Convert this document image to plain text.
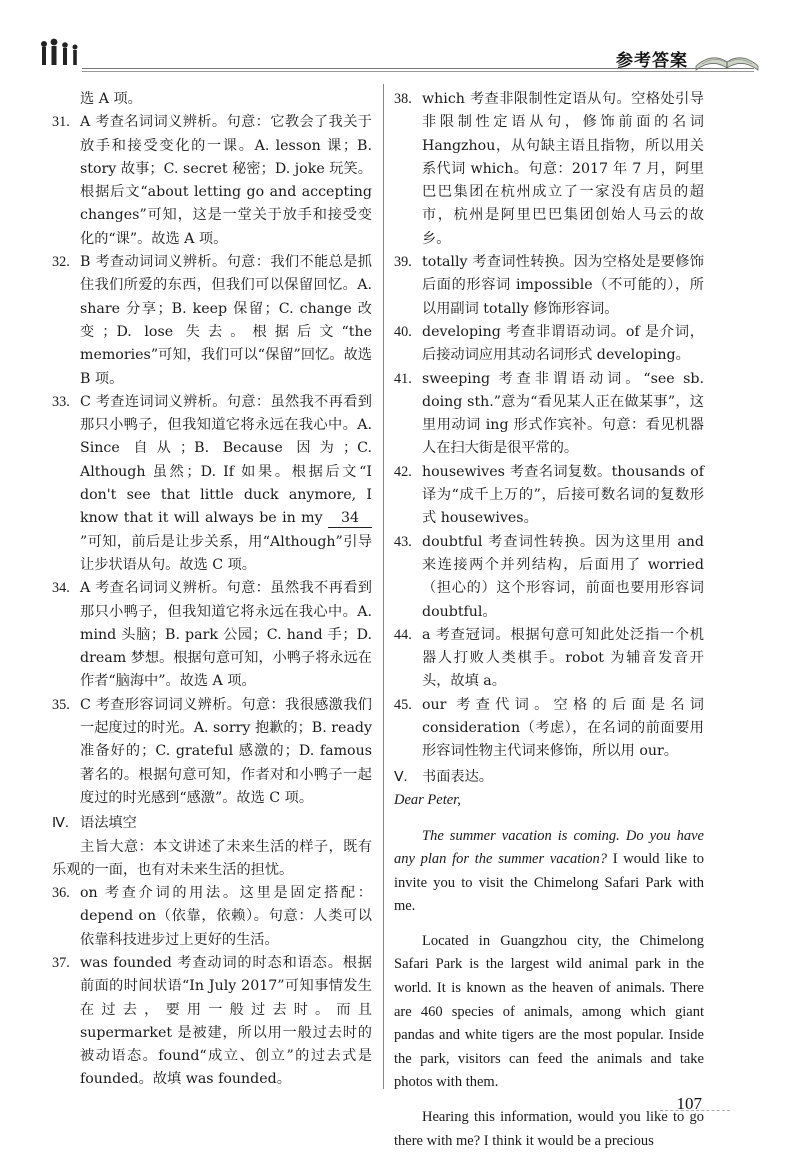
参考答案
选 A 项。
31. A 考查名词词义辨析。句意：它教会了我关于放手和接受变化的一课。A. lesson 课；B. story 故事；C. secret 秘密；D. joke 玩笑。根据后文“about letting go and accepting changes”可知，这是一堂关于放手和接受变化的“课”。故选 A 项。
32. B 考查动词词义辨析。句意：我们不能总是抓住我们所爱的东西，但我们可以保留回忆。A. share 分享；B. keep 保留；C. change 改变；D. lose 失去。根据后文“the memories”可知，我们可以“保留”回忆。故选 B 项。
33. C 考查连词词义辨析。句意：虽然我不再看到那只小鸭子，但我知道它将永远在我心中。A. Since 自从；B. Because 因为；C. Although 虽然；D. If 如果。根据后文“I don't see that little duck anymore, I know that it will always be in my 34 ”可知，前后是让步关系，用“Although”引导让步状语从句。故选 C 项。
34. A 考查名词词义辨析。句意：虽然我不再看到那只小鸭子，但我知道它将永远在我心中。A. mind 头脑；B. park 公园；C. hand 手；D. dream 梦想。根据句意可知，小鸭子将永远在作者“脑海中”。故选 A 项。
35. C 考查形容词词义辨析。句意：我很感激我们一起度过的时光。A. sorry 抱歉的；B. ready 准备好的；C. grateful 感激的；D. famous 著名的。根据句意可知，作者对和小鸭子一起度过的时光感到“感激”。故选 C 项。
Ⅳ. 语法填空
主旨大意：本文讲述了未来生活的样子，既有乐观的一面，也有对未来生活的担忧。
36. on 考查介词的用法。这里是固定搭配：depend on（依靠，依赖）。句意：人类可以依靠科技进步过上更好的生活。
37. was founded 考查动词的时态和语态。根据前面的时间状语“In July 2017”可知事情发生在过去，要用一般过去时。而且 supermarket 是被建，所以用一般过去时的被动语态。found“成立、创立”的过去式是 founded。故填 was founded。
38. which 考查非限制性定语从句。空格处引导非限制性定语从句，修饰前面的名词 Hangzhou，从句缺主语且指物，所以用关系代词 which。句意：2017 年 7 月，阿里巴巴集团在杭州成立了一家没有店员的超市，杭州是阿里巴巴集团创始人马云的故乡。
39. totally 考查词性转换。因为空格处是要修饰后面的形容词 impossible（不可能的），所以用副词 totally 修饰形容词。
40. developing 考查非谓语动词。of 是介词，后接动词应用其动名词形式 developing。
41. sweeping 考查非谓语动词。“see sb. doing sth.”意为“看见某人正在做某事”，这里用动词 ing 形式作宾补。句意：看见机器人在扫大街是很平常的。
42. housewives 考查名词复数。thousands of 译为“成千上万的”，后接可数名词的复数形式 housewives。
43. doubtful 考查词性转换。因为这里用 and 来连接两个并列结构，后面用了 worried（担心的）这个形容词，前面也要用形容词 doubtful。
44. a 考查冠词。根据句意可知此处泛指一个机器人打败人类棋手。robot 为辅音发音开头，故填 a。
45. our 考查代词。空格的后面是名词 consideration（考虑），在名词的前面要用形容词性物主代词来修饰，所以用 our。
Ⅴ. 书面表达。

Dear Peter,

The summer vacation is coming. Do you have any plan for the summer vacation? I would like to invite you to visit the Chimelong Safari Park with me.

Located in Guangzhou city, the Chimelong Safari Park is the largest wild animal park in the world. It is known as the heaven of animals. There are 460 species of animals, among which giant pandas and white tigers are the most popular. Inside the park, visitors can feed the animals and take photos with them.

Hearing this information, would you like to go there with me? I think it would be a precious

107
